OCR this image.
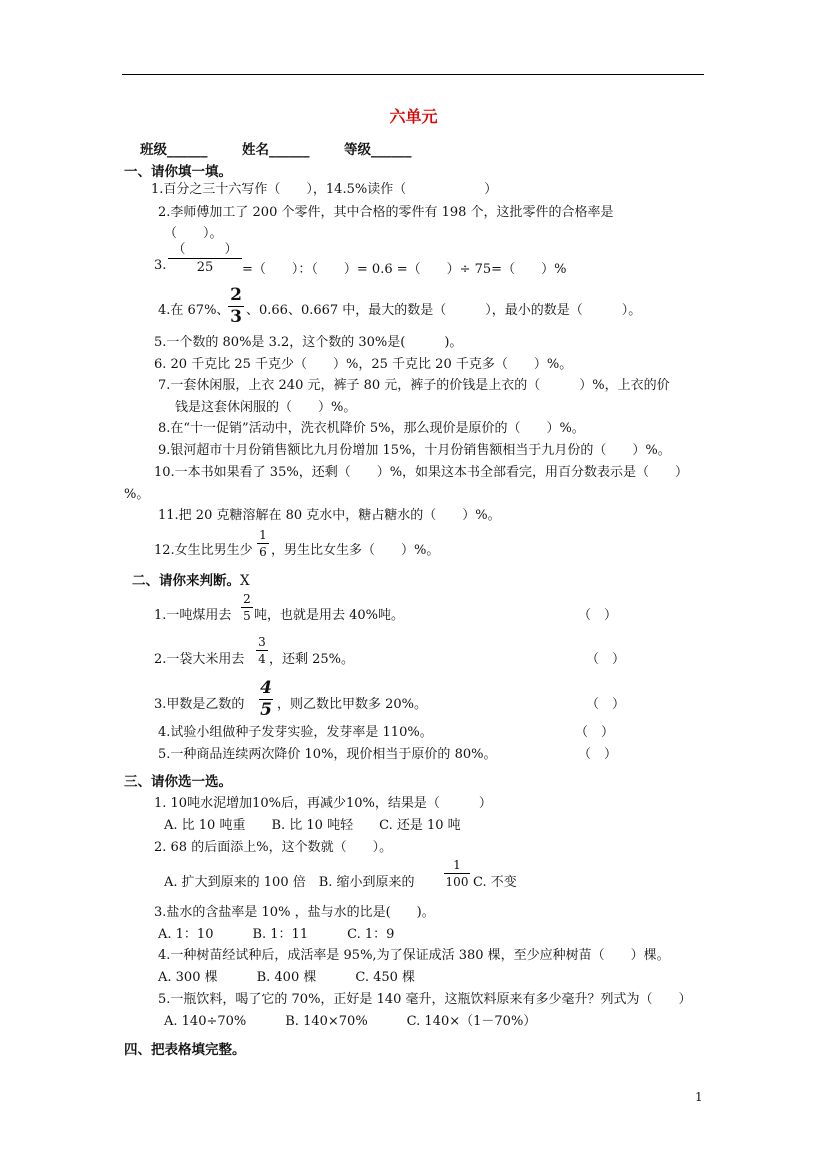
六单元
班级______	姓名______	等级______
一、请你填一填。
1.百分之三十六写作（　　），14.5%读作（　　　　　　）
2.李师傅加工了 200 个零件，其中合格的零件有 198 个，这批零件的合格率是
（　　）。
3.
（　　　）
25	=（　　）：（　　）= 0.6 =（　　）÷ 75=（　　）%
4.在 67%、
2
3 、0.66、0.667 中，最大的数是（　　　），最小的数是（　　　）。
5.一个数的 80%是 3.2，这个数的 30%是(　　　)。
6. 20 千克比 25 千克少（　　）%，25 千克比 20 千克多（　　）%。
7.一套休闲服，上衣 240 元，裤子 80 元，裤子的价钱是上衣的（　　　）%，上衣的价
钱是这套休闲服的（　　）%。
8.在“十一促销”活动中，洗衣机降价 5%，那么现价是原价的（　　）%。
9.银河超市十月份销售额比九月份增加 15%，十月份销售额相当于九月份的（　　）%。
10.一本书如果看了 35%，还剩（　　）%，如果这本书全部看完，用百分数表示是（　　）
%。
11.把 20 克糖溶解在 80 克水中，糖占糖水的（　　）%。
12.女生比男生少
1
6 ，男生比女生多（　　）%。
二、请你来判断。X
1.一吨煤用去
2
5 吨，也就是用去 40%吨。	（　）
2.一袋大米用去
3
4 ，还剩 25%。	（　）
3.甲数是乙数的
4
5 ，则乙数比甲数多 20%。	（　）
4.试验小组做种子发芽实验，发芽率是 110%。	（　）
5.一种商品连续两次降价 10%，现价相当于原价的 80%。	（　）
三、请你选一选。
1. 10吨水泥增加10%后，再减少10%，结果是（　　　）
A. 比 10 吨重　　B. 比 10 吨轻　　C. 还是 10 吨
2. 68 的后面添上%，这个数就（　　）。
A. 扩大到原来的 100 倍　B. 缩小到原来的
1
100 C. 不变
3.盐水的含盐率是 10% ，盐与水的比是(　　)。
A. 1：10　　　B. 1：11　　　C. 1：9
4.一种树苗经试种后，成活率是 95%,为了保证成活 380 棵，至少应种树苗（　　）棵。
A. 300 棵　　　B. 400 棵　　　C. 450 棵
5.一瓶饮料，喝了它的 70%，正好是 140 毫升，这瓶饮料原来有多少毫升？列式为（　　）
A. 140÷70%　　　B. 140×70%　　　C. 140×（1－70%）
四、把表格填完整。
1
